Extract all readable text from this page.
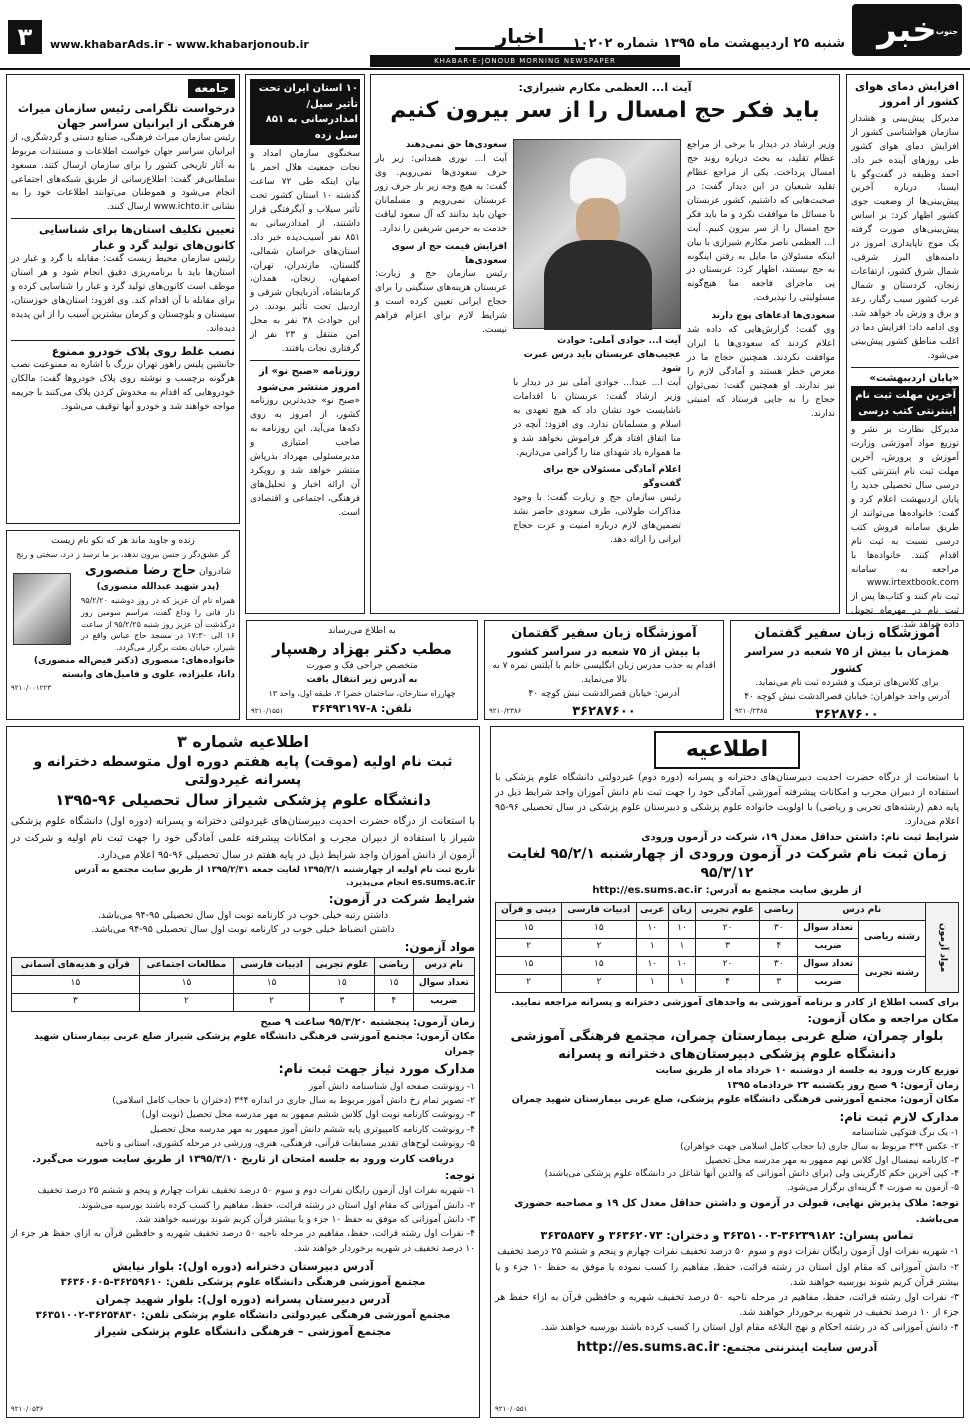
جنوب
خبر
شنبه ۲۵ اردیبهشت ماه ۱۳۹۵ شماره ۱۰۲۰۲
اخبار
www.khabarAds.ir - www.khabarjonoub.ir
۳
KHABAR-E-JONOUB MORNING NEWSPAPER
افزایش دمای هوای کشور از امروز
مدیرکل پیش‌بینی و هشدار سازمان هواشناسی کشور از افزایش دمای هوای کشور طی روزهای آینده خبر داد. احمد وظیفه در گفت‌وگو با ایسنا، درباره آخرین پیش‌بینی‌ها از وضعیت جوی کشور اظهار کرد: بر اساس پیش‌بینی‌های صورت گرفته یک موج ناپایداری امروز در دامنه‌های البرز شرقی، شمال شرق کشور، ارتفاعات زنجان، کردستان و شمال غرب کشور سبب رگبار، رعد و برق و وزش باد خواهد شد. وی ادامه داد: افزایش دما در اغلب مناطق کشور پیش‌بینی می‌شود.
«پایان اردیبهشت»
آخرین مهلت ثبت نام اینترنتی کتب درسی
مدیرکل نظارت بر نشر و توزیع مواد آموزشی وزارت آموزش و پرورش، آخرین مهلت ثبت نام اینترنتی کتب درسی سال تحصیلی جدید را پایان اردیبهشت اعلام کرد و گفت: خانواده‌ها می‌توانند از طریق سامانه فروش کتب درسی نسبت به ثبت نام اقدام کنند. خانواده‌ها با مراجعه به سامانه www.irtextbook.com ثبت نام کنند و کتاب‌ها پس از ثبت نام در مهرماه تحویل داده خواهد شد.
آیت ا... العظمی مکارم شیرازی:
باید فکر حج امسال را از سر بیرون کنیم
وزیر ارشاد در دیدار با برخی از مراجع عظام تقلید، به بحث درباره روند حج امسال پرداخت. یکی از مراجع عظام تقلید شیعیان در این دیدار گفت: در صحبت‌هایی که داشتیم، کشور عربستان با مسائل ما موافقت نکرد و ما باید فکر حج امسال را از سر بیرون کنیم. آیت ا... العظمی ناصر مکارم شیرازی با بیان اینکه مسئولان ما مایل به رفتن اینگونه به حج نیستند، اظهار کرد: عربستان در پی ماجرای فاجعه منا هیچ‌گونه مسئولیتی را نپذیرفت.
سعودی‌ها ادعاهای پوچ دارند
وی گفت: گزارش‌هایی که داده شد اعلام کردند که سعودی‌ها با ایران موافقت نکردند. همچنین حجاج ما در معرض خطر هستند و آمادگی لازم را نیز ندارند. او همچنین گفت: نمی‌توان حجاج را به جایی فرستاد که امنیتی ندارند.
آیت ا... جوادی آملی: حوادث عجیب‌های عربستان باید درس عبرت شود
آیت ا... عبدا... جوادی آملی نیز در دیدار با وزیر ارشاد گفت: عربستان با اقدامات ناشایست خود نشان داد که هیچ تعهدی به اسلام و مسلمانان ندارد. وی افزود: آنچه در منا اتفاق افتاد هرگز فراموش نخواهد شد و ما همواره یاد شهدای منا را گرامی می‌داریم.
اعلام آمادگی مسئولان حج برای گفت‌وگو
رئیس سازمان حج و زیارت گفت: با وجود مذاکرات طولانی، طرف سعودی حاضر نشد تضمین‌های لازم درباره امنیت و عزت حجاج ایرانی را ارائه دهد.
سعودی‌ها حق نمی‌دهند
آیت ا... نوری همدانی: زیر بار حرف سعودی‌ها نمی‌رویم. وی گفت: به هیچ وجه زیر بار حرف زور عربستان نمی‌رویم و مسلمانان جهان باید بدانند که آل سعود لیاقت خدمت به حرمین شریفین را ندارد.
افزایش قیمت حج از سوی سعودی‌ها
رئیس سازمان حج و زیارت: عربستان هزینه‌های سنگینی را برای حجاج ایرانی تعیین کرده است و شرایط لازم برای اعزام فراهم نیست.
۱۰ استان ایران تحت تأثیر سیل/امدادرسانی به ۸۵۱ سیل زده
سخنگوی سازمان امداد و نجات جمعیت هلال احمر با بیان اینکه طی ۷۲ ساعت گذشته ۱۰ استان کشور تحت تأثیر سیلاب و آبگرفتگی قرار داشتند، از امدادرسانی به ۸۵۱ نفر آسیب‌دیده خبر داد. استان‌های خراسان شمالی، گلستان، مازندران، تهران، اصفهان، زنجان، همدان، کرمانشاه، آذربایجان شرقی و اردبیل تحت تأثیر بودند. در این حوادث ۳۸ نفر به محل امن منتقل و ۲۳ نفر از گرفتاری نجات یافتند.
روزنامه «صبح نو» از امروز منتشر می‌شود
«صبح نو» جدیدترین روزنامه کشور، از امروز به روی دکه‌ها می‌آید. این روزنامه به صاحب امتیازی و مدیرمسئولی مهرداد بذرپاش منتشر خواهد شد و رویکرد آن ارائه اخبار و تحلیل‌های فرهنگی، اجتماعی و اقتصادی است.
جامعه
درخواست تلگرامی رئیس سازمان میراث فرهنگی از ایرانیان سراسر جهان
رئیس سازمان میراث فرهنگی، صنایع دستی و گردشگری، از ایرانیان سراسر جهان خواست اطلاعات و مستندات مربوط به آثار تاریخی کشور را برای سازمان ارسال کنند. مسعود سلطانی‌فر گفت: اطلاع‌رسانی از طریق شبکه‌های اجتماعی انجام می‌شود و هموطنان می‌توانند اطلاعات خود را به نشانی www.ichto.ir ارسال کنند.
تعیین تکلیف استان‌ها برای شناسایی کانون‌های تولید گرد و غبار
رئیس سازمان محیط زیست گفت: مقابله با گرد و غبار در استان‌ها باید با برنامه‌ریزی دقیق انجام شود و هر استان موظف است کانون‌های تولید گرد و غبار را شناسایی کرده و برای مقابله با آن اقدام کند. وی افزود: استان‌های خوزستان، سیستان و بلوچستان و کرمان بیشترین آسیب را از این پدیده دیده‌اند.
نصب غلط روی پلاک خودرو ممنوع
جانشین پلیس راهور تهران بزرگ با اشاره به ممنوعیت نصب هرگونه برچسب و نوشته روی پلاک خودروها گفت: مالکان خودروهایی که اقدام به مخدوش کردن پلاک می‌کنند با جریمه مواجه خواهند شد و خودرو آنها توقیف می‌شود.
زنده و جاوید ماند هر که نکو نام زیست
گر عشق‌دگر ز جنس بیرون ندهد، بر ما نرسد ز درد، سختی و رنج
شادروان حاج رضا منصوری
(پدر شهید عبدالله منصوری)
همراه نام آن عزیز که در روز دوشنبه ۹۵/۲/۲۰ دار فانی را وداع گفت، مراسم سومین روز درگذشت آن عزیز روز شنبه ۹۵/۲/۲۵ از ساعت ۱۶ الی ۱۷:۳۰ در مسجد حاج عباس واقع در شیراز، خیابان بعثت برگزار می‌گردد.
خانواده‌های: منصوری (دکتر فیض‌اله منصوری)
دانا، علیزاده، علوی و فامیل‌های وابسته
۹۲۱۰/۰۰۱۲۲۳
آموزشگاه زبان سفیر گفتمان
همزمان با بیش از ۷۵ شعبه در سراسر کشور
برای کلاس‌های ترمیک و فشرده ثبت نام می‌نماید.
آدرس واحد خواهران: خیابان قصرالدشت نبش کوچه ۴۰
۳۶۲۸۷۶۰۰
۹۲۱۰/۲۳۸۵
آموزشگاه زبان سفیر گفتمان
با بیش از ۷۵ شعبه در سراسر کشور
اقدام به جذب مدرس زبان انگلیسی خانم با آیلتس نمره ۷ به بالا می‌نماید.
آدرس: خیابان قصرالدشت نبش کوچه ۴۰
۳۶۲۸۷۶۰۰
۹۲۱۰/۲۳۸۶
به اطلاع می‌رساند
مطب دکتر بهزاد رهسپار
متخصص جراحی فک و صورت
به آدرس زیر انتقال یافت
چهارراه ستارخان، ساختمان خضرا ۲، طبقه اول، واحد ۱۳
تلفن: ۸-۳۶۴۹۳۱۹۷
۹۲۱۰/۱۵۵۱
اطلاعیه
با استعانت از درگاه حضرت احدیت دبیرستان‌های دخترانه و پسرانه (دوره دوم) غیردولتی دانشگاه علوم پزشکی با استفاده از دبیران مجرب و امکانات پیشرفته آموزشی آمادگی خود را جهت ثبت نام دانش آموزان واجد شرایط ذیل در پایه دهم (رشته‌های تجربی و ریاضی) با اولویت خانواده علوم پزشکی و دبیرستان علوم پزشکی در سال تحصیلی ۹۶-۹۵ اعلام می‌دارد.
شرایط ثبت نام: داشتن حداقل معدل ۱۹، شرکت در آزمون ورودی
زمان ثبت نام شرکت در آزمون ورودی از چهارشنبه ۹۵/۲/۱ لغایت ۹۵/۳/۱۲
از طریق سایت مجتمع به آدرس: http://es.sums.ac.ir
مواد آزمون	نام درس		ریاضی	علوم تجربی	زبان	عربی	ادبیات فارسی	دینی و قرآن
	رشته ریاضی	تعداد سوال	۳۰	۲۰	۱۰	۱۰	۱۵	۱۵
		ضریب	۴	۳	۱	۱	۲	۲
	رشته تجربی	تعداد سوال	۳۰	۲۰	۱۰	۱۰	۱۵	۱۵
		ضریب	۳	۴	۱	۱	۲	۲
برای کسب اطلاع از کادر و برنامه آموزشی به واحدهای آموزشی دخترانه و پسرانه مراجعه نمایید.
مکان مراجعه و مکان آزمون:
بلوار چمران، ضلع غربی بیمارستان چمران، مجتمع فرهنگی آموزشی دانشگاه علوم پزشکی دبیرستان‌های دخترانه و پسرانه
توزیع کارت ورود به جلسه از دوشنبه ۱۰ خرداد ماه از طریق سایت
زمان آزمون: ۹ صبح روز یکشنبه ۲۳ خردادماه ۱۳۹۵
مکان آزمون: مجتمع آموزشی فرهنگی دانشگاه علوم پزشکی، ضلع غربی بیمارستان شهید چمران
مدارک لازم ثبت نام:
۱- یک برگ فتوکپی شناسنامه
۲- عکس ۴*۳ مربوط به سال جاری (با حجاب کامل اسلامی جهت خواهران)
۳- کارنامه نیمسال اول کلاس نهم ممهور به مهر مدرسه محل تحصیل
۴- کپی آخرین حکم کارگزینی ولی (برای دانش آموزانی که والدین آنها شاغل در دانشگاه علوم پزشکی می‌باشند)
۵- آزمون به صورت ۴ گزینه‌ای برگزار می‌شود.
توجه: ملاک پذیرش نهایی، قبولی در آزمون و داشتن حداقل معدل کل ۱۹ و مصاحبه حضوری می‌باشد.
تماس پسران: ۳۶۲۳۹۱۸۲-۳۶۳۵۱۰۰۳ و دختران: ۳۶۳۶۲۰۷۳ و ۳۶۳۵۸۵۴۷
۱- شهریه نفرات اول آزمون رایگان نفرات دوم و سوم ۵۰ درصد تخفیف نفرات چهارم و پنجم و ششم ۲۵ درصد تخفیف
۲- دانش آموزانی که مقام اول استان در رشته قرائت، حفظ، مفاهیم را کسب نموده یا موفق به حفظ ۱۰ جزء و یا بیشتر قرآن کریم شوند بورسیه خواهند شد.
۳- نفرات اول رشته قرائت، حفظ، مفاهیم در مرحله ناحیه ۵۰ درصد تخفیف شهریه و حافظین قرآن به ازاء حفظ هر جزء از ۱۰ درصد تخفیف در شهریه برخوردار خواهند شد.
۴- دانش آموزانی که در رشته احکام و نهج البلاغه مقام اول استان را کسب کرده باشند بورسیه خواهند شد.
آدرس سایت اینترنتی مجتمع: http://es.sums.ac.ir
۹۲۱۰/۰۵۵۱
اطلاعیه شماره ۳
ثبت نام اولیه (موقت) پایه هفتم دوره اول متوسطه دخترانه و پسرانه غیردولتی
دانشگاه علوم پزشکی شیراز سال تحصیلی ۹۶-۱۳۹۵
با استعانت از درگاه حضرت احدیت دبیرستان‌های غیردولتی دخترانه و پسرانه (دوره اول) دانشگاه علوم پزشکی شیراز با استفاده از دبیران مجرب و امکانات پیشرفته علمی آمادگی خود را جهت ثبت نام اولیه و شرکت در آزمون از دانش آموزان واجد شرایط ذیل در پایه هفتم در سال تحصیلی ۹۶-۹۵ اعلام می‌دارد.
تاریخ ثبت نام اولیه از چهارشنبه ۱۳۹۵/۲/۱ لغایت جمعه ۱۳۹۵/۲/۳۱ از طریق سایت مجتمع به آدرس es.sums.ac.ir انجام می‌پذیرد.
شرایط شرکت در آزمون:
داشتن رتبه خیلی خوب در کارنامه نوبت اول سال تحصیلی ۹۵-۹۴ می‌باشد.
داشتن انضباط خیلی خوب در کارنامه نوبت اول سال تحصیلی ۹۵-۹۴ می‌باشد.
مواد آزمون:
نام درس	ریاضی	علوم تجربی	ادبیات فارسی	مطالعات اجتماعی	قرآن و هدیه‌های آسمانی
تعداد سوال	۱۵	۱۵	۱۵	۱۵	۱۵
ضریب	۴	۳	۲	۲	۳
زمان آزمون: پنجشنبه ۹۵/۳/۲۰ ساعت ۹ صبح
مکان آزمون: مجتمع آموزشی فرهنگی دانشگاه علوم پزشکی شیراز ضلع غربی بیمارستان شهید چمران
مدارک مورد نیاز جهت ثبت نام:
۱- رونوشت صفحه اول شناسنامه دانش آموز
۲- تصویر تمام رخ دانش آموز مربوط به سال جاری در اندازه ۴*۳ (دختران با حجاب کامل اسلامی)
۳- رونوشت کارنامه نوبت اول کلاس ششم ممهور به مهر مدرسه محل تحصیل (نوبت اول)
۴- رونوشت کارنامه کامپیوتری پایه ششم دانش آموز ممهور به مهر مدرسه محل تحصیل
۵- رونوشت لوح‌های تقدیر مسابقات قرآنی، فرهنگی، هنری، ورزشی در مرحله کشوری، استانی و ناحیه
دریافت کارت ورود به جلسه امتحان از تاریخ ۱۳۹۵/۳/۱۰ از طریق سایت صورت می‌گیرد.
توجه:
۱- شهریه نفرات اول آزمون رایگان نفرات دوم و سوم ۵۰ درصد تخفیف نفرات چهارم و پنجم و ششم ۲۵ درصد تخفیف
۲- دانش آموزانی که مقام اول استان در رشته قرائت، حفظ، مفاهیم را کسب کرده باشند بورسیه می‌شوند.
۳- دانش آموزانی که موفق به حفظ ۱۰ جزء و یا بیشتر قرآن کریم شوند بورسیه خواهند شد.
۴- نفرات اول رشته قرائت، حفظ، مفاهیم در مرحله ناحیه ۵۰ درصد تخفیف شهریه و حافظین قرآن به ازای حفظ هر جزء از ۱۰ درصد تخفیف در شهریه برخوردار خواهند شد.
آدرس دبیرستان دخترانه (دوره اول): بلوار نیایش
مجتمع آموزشی فرهنگی دانشگاه علوم پزشکی تلفن: ۳۶۲۵۹۶۱۰-۳۶۳۶۰۶۰۵
آدرس دبیرستان پسرانه (دوره اول): بلوار شهید چمران
مجتمع آموزشی فرهنگی غیردولتی دانشگاه علوم پزشکی تلفن: ۳۶۲۵۴۸۳۰-۳۶۳۵۱۰۰۲
مجتمع آموزشی – فرهنگی دانشگاه علوم پزشکی شیراز
۹۲۱۰/۰۵۳۶
